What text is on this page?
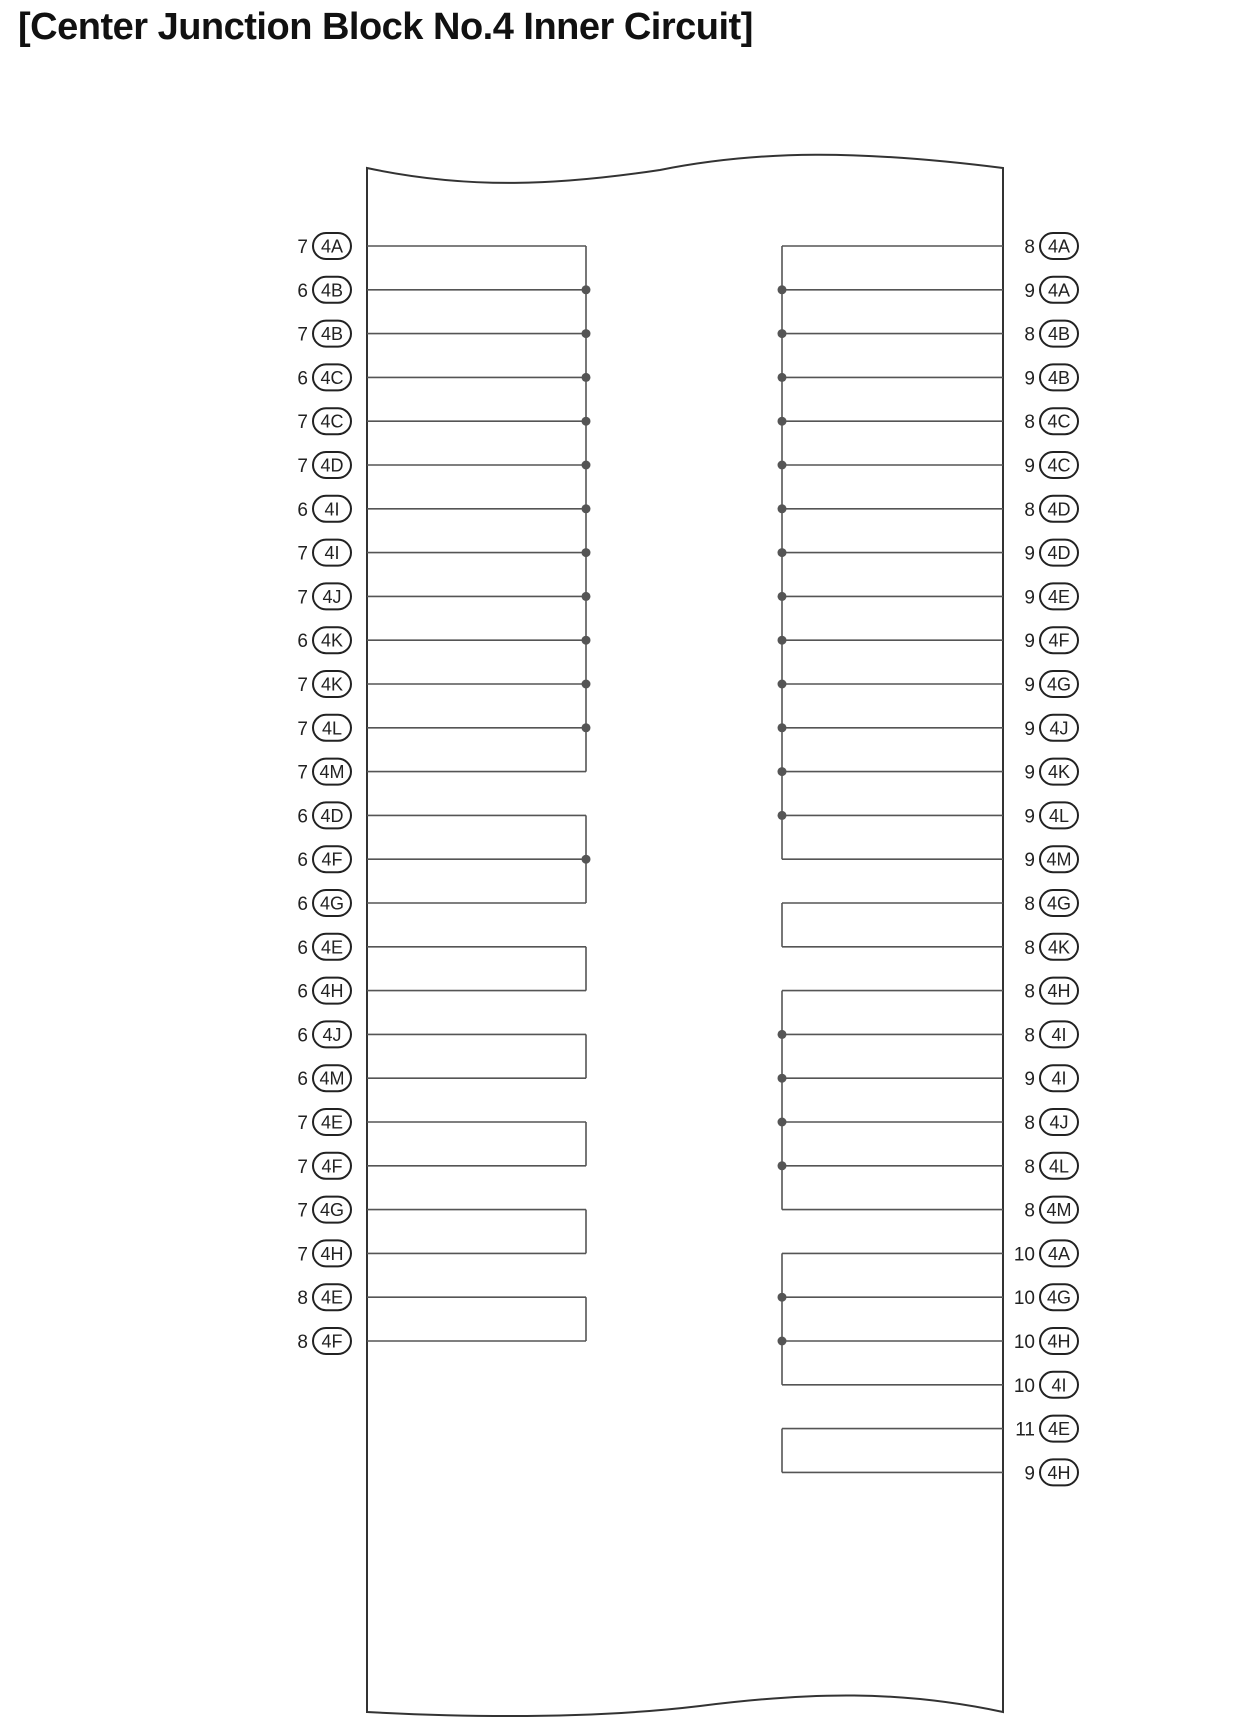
[Center Junction Block No.4 Inner Circuit]
7 4A
6 4B
7 4B
6 4C
7 4C
7 4D
6 4I
7 4I
7 4J
6 4K
7 4K
7 4L
7 4M
6 4D
6 4F
6 4G
6 4E
6 4H
6 4J
6 4M
7 4E
7 4F
7 4G
7 4H
8 4E
8 4F
8 4A
9 4A
8 4B
9 4B
8 4C
9 4C
8 4D
9 4D
9 4E
9 4F
9 4G
9 4J
9 4K
9 4L
9 4M
8 4G
8 4K
8 4H
8 4I
9 4I
8 4J
8 4L
8 4M
10 4A
10 4G
10 4H
10 4I
11 4E
9 4H
